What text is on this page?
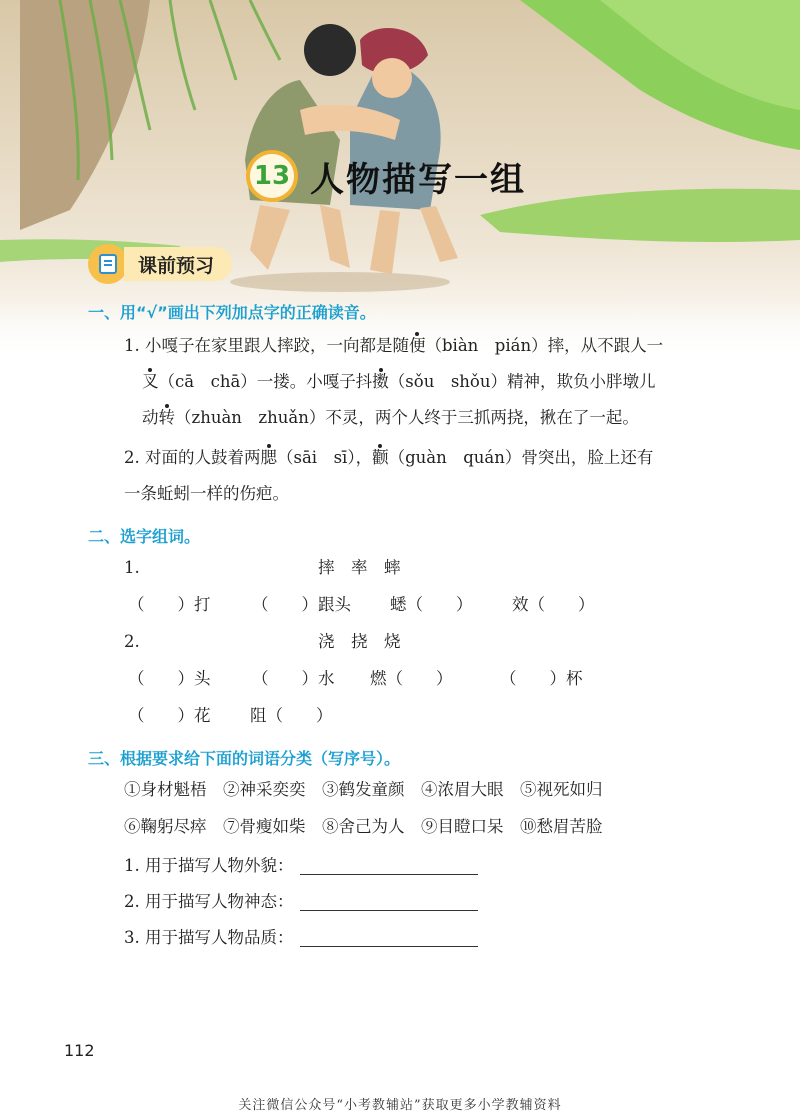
13 人物描写一组
课前预习
一、用“√”画出下列加点字的正确读音。
1. 小嘎子在家里跟人摔跤，一向都是随便（biàn　pián）摔，从不跟人一
叉（cā　chā）一搂。小嘎子抖擞（sǒu　shǒu）精神，欺负小胖墩儿
动转（zhuàn　zhuǎn）不灵，两个人终于三抓两挠，揪在了一起。
2. 对面的人鼓着两腮（sāi　sī），颧（guàn　quán）骨突出，脸上还有
一条蚯蚓一样的伤疤。
二、选字组词。
1.	摔　率　蟀
（　　）打	（　　）跟头 蟋（　　） 效（　　）
2.	浇　挠　烧
（　　）头	（　　）水 燃（　　）	（　　）杯
（　　）花 阻（　　）
三、根据要求给下面的词语分类（写序号）。
①身材魁梧　②神采奕奕　③鹤发童颜　④浓眉大眼　⑤视死如归
⑥鞠躬尽瘁　⑦骨瘦如柴　⑧舍己为人　⑨目瞪口呆　⑩愁眉苦脸
1. 用于描写人物外貌：
2. 用于描写人物神态：
3. 用于描写人物品质：
112
关注微信公众号“小考教辅站”获取更多小学教辅资料
